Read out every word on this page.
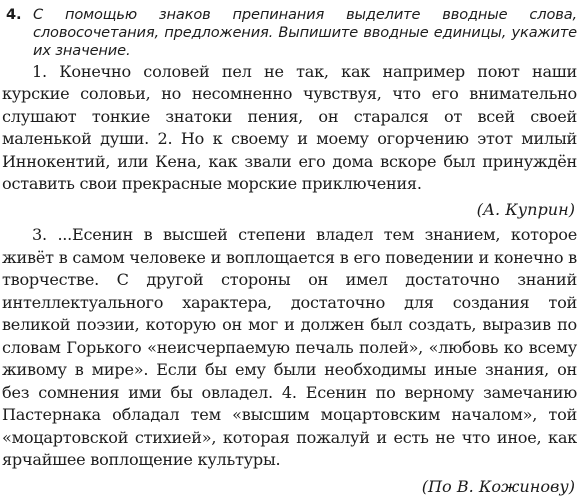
4. С помощью знаков препинания выделите вводные слова, словосочетания, предложения. Выпишите вводные единицы, укажите их значение.

1. Конечно соловей пел не так, как например поют наши курские соловьи, но несомненно чувствуя, что его внимательно слушают тонкие знатоки пения, он старался от всей своей маленькой души. 2. Но к своему и моему огорчению этот милый Иннокентий, или Кена, как звали его дома вскоре был принуждён оставить свои прекрасные морские приключения.

(А. Куприн)

3. ...Есенин в высшей степени владел тем знанием, которое живёт в самом человеке и воплощается в его поведении и конечно в творчестве. С другой стороны он имел достаточно знаний интеллектуального характера, достаточно для создания той великой поэзии, которую он мог и должен был создать, выразив по словам Горького «неисчерпаемую печаль полей», «любовь ко всему живому в мире». Если бы ему были необходимы иные знания, он без сомнения ими бы овладел. 4. Есенин по верному замечанию Пастернака обладал тем «высшим моцартовским началом», той «моцартовской стихией», которая пожалуй и есть не что иное, как ярчайшее воплощение культуры.

(По В. Кожинову)
